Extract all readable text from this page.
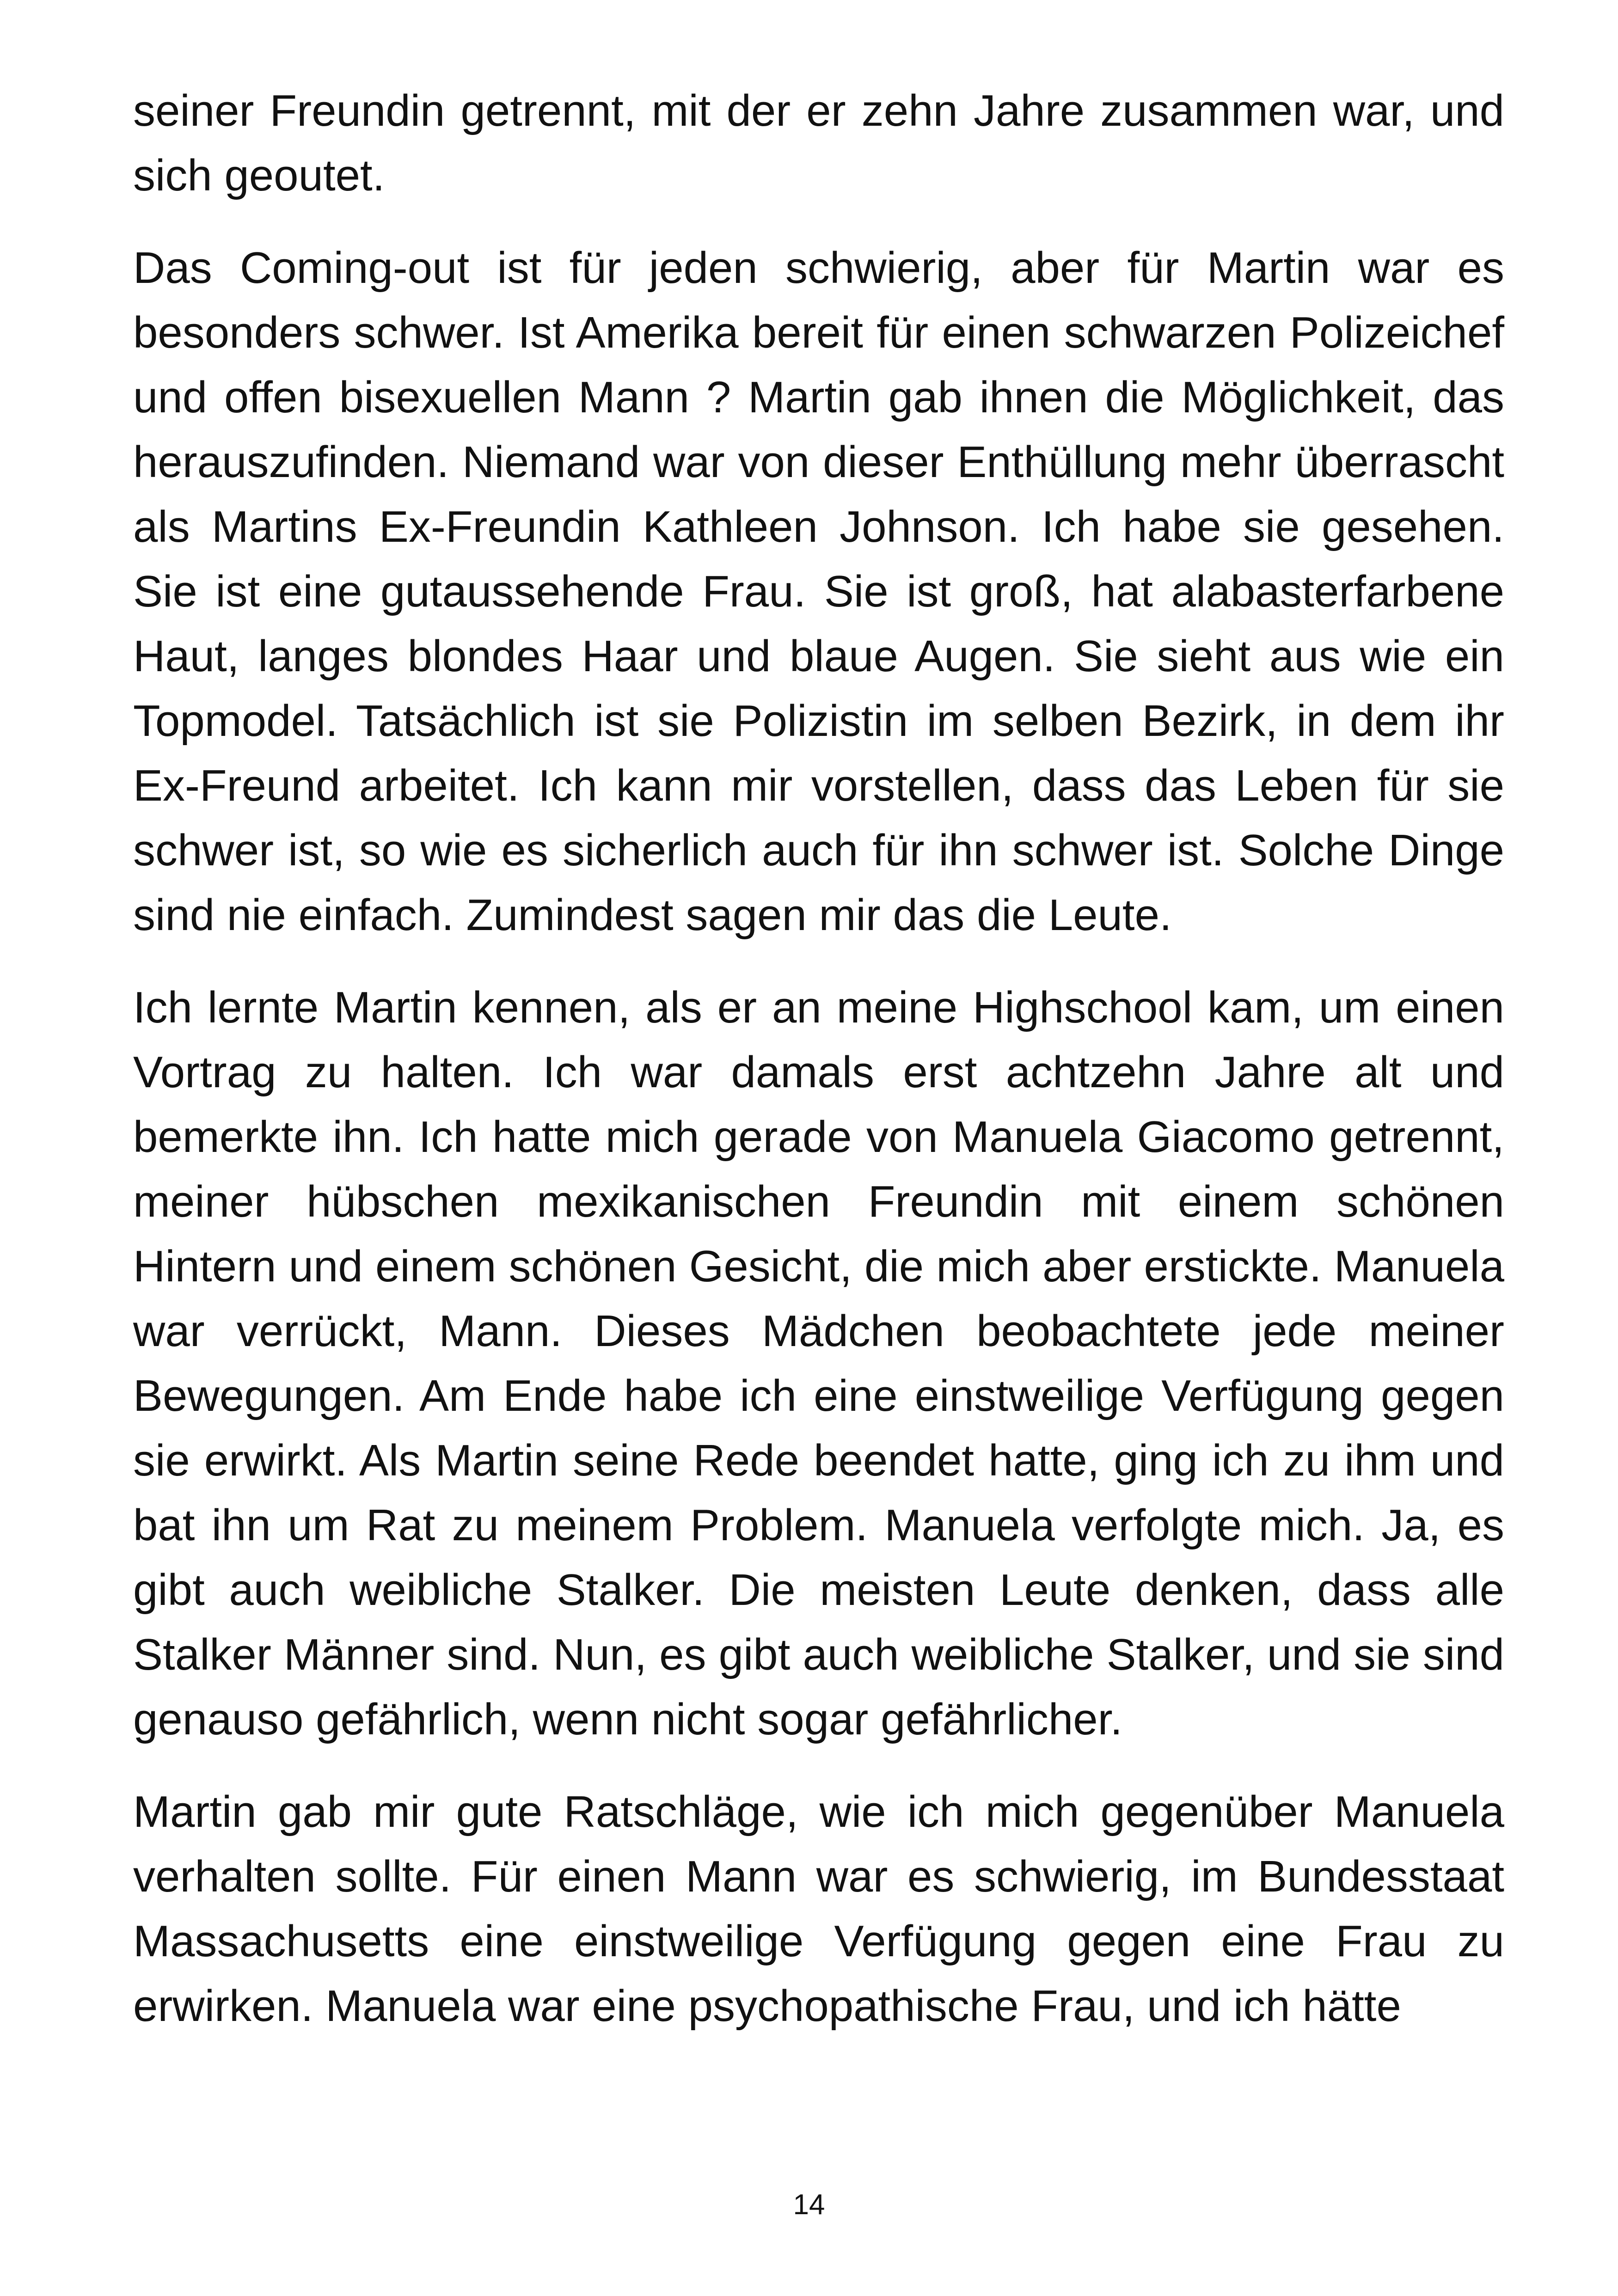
seiner Freundin getrennt, mit der er zehn Jahre zusammen war, und sich geoutet.

Das Coming-out ist für jeden schwierig, aber für Martin war es besonders schwer. Ist Amerika bereit für einen schwarzen Polizeichef und offen bisexuellen Mann ? Martin gab ihnen die Möglichkeit, das herauszufinden. Niemand war von dieser Enthüllung mehr überrascht als Martins Ex-Freundin Kathleen Johnson. Ich habe sie gesehen. Sie ist eine gutaussehende Frau. Sie ist groß, hat alabasterfarbene Haut, langes blondes Haar und blaue Augen. Sie sieht aus wie ein Topmodel. Tatsächlich ist sie Polizistin im selben Bezirk, in dem ihr Ex-Freund arbeitet. Ich kann mir vorstellen, dass das Leben für sie schwer ist, so wie es sicherlich auch für ihn schwer ist. Solche Dinge sind nie einfach. Zumindest sagen mir das die Leute.

Ich lernte Martin kennen, als er an meine Highschool kam, um einen Vortrag zu halten. Ich war damals erst achtzehn Jahre alt und bemerkte ihn. Ich hatte mich gerade von Manuela Giacomo getrennt, meiner hübschen mexikanischen Freundin mit einem schönen Hintern und einem schönen Gesicht, die mich aber erstickte. Manuela war verrückt, Mann. Dieses Mädchen beobachtete jede meiner Bewegungen. Am Ende habe ich eine einstweilige Verfügung gegen sie erwirkt. Als Martin seine Rede beendet hatte, ging ich zu ihm und bat ihn um Rat zu meinem Problem. Manuela verfolgte mich. Ja, es gibt auch weibliche Stalker. Die meisten Leute denken, dass alle Stalker Männer sind. Nun, es gibt auch weibliche Stalker, und sie sind genauso gefährlich, wenn nicht sogar gefährlicher.

Martin gab mir gute Ratschläge, wie ich mich gegenüber Manuela verhalten sollte. Für einen Mann war es schwierig, im Bundesstaat Massachusetts eine einstweilige Verfügung gegen eine Frau zu erwirken. Manuela war eine psychopathische Frau, und ich hätte

14
